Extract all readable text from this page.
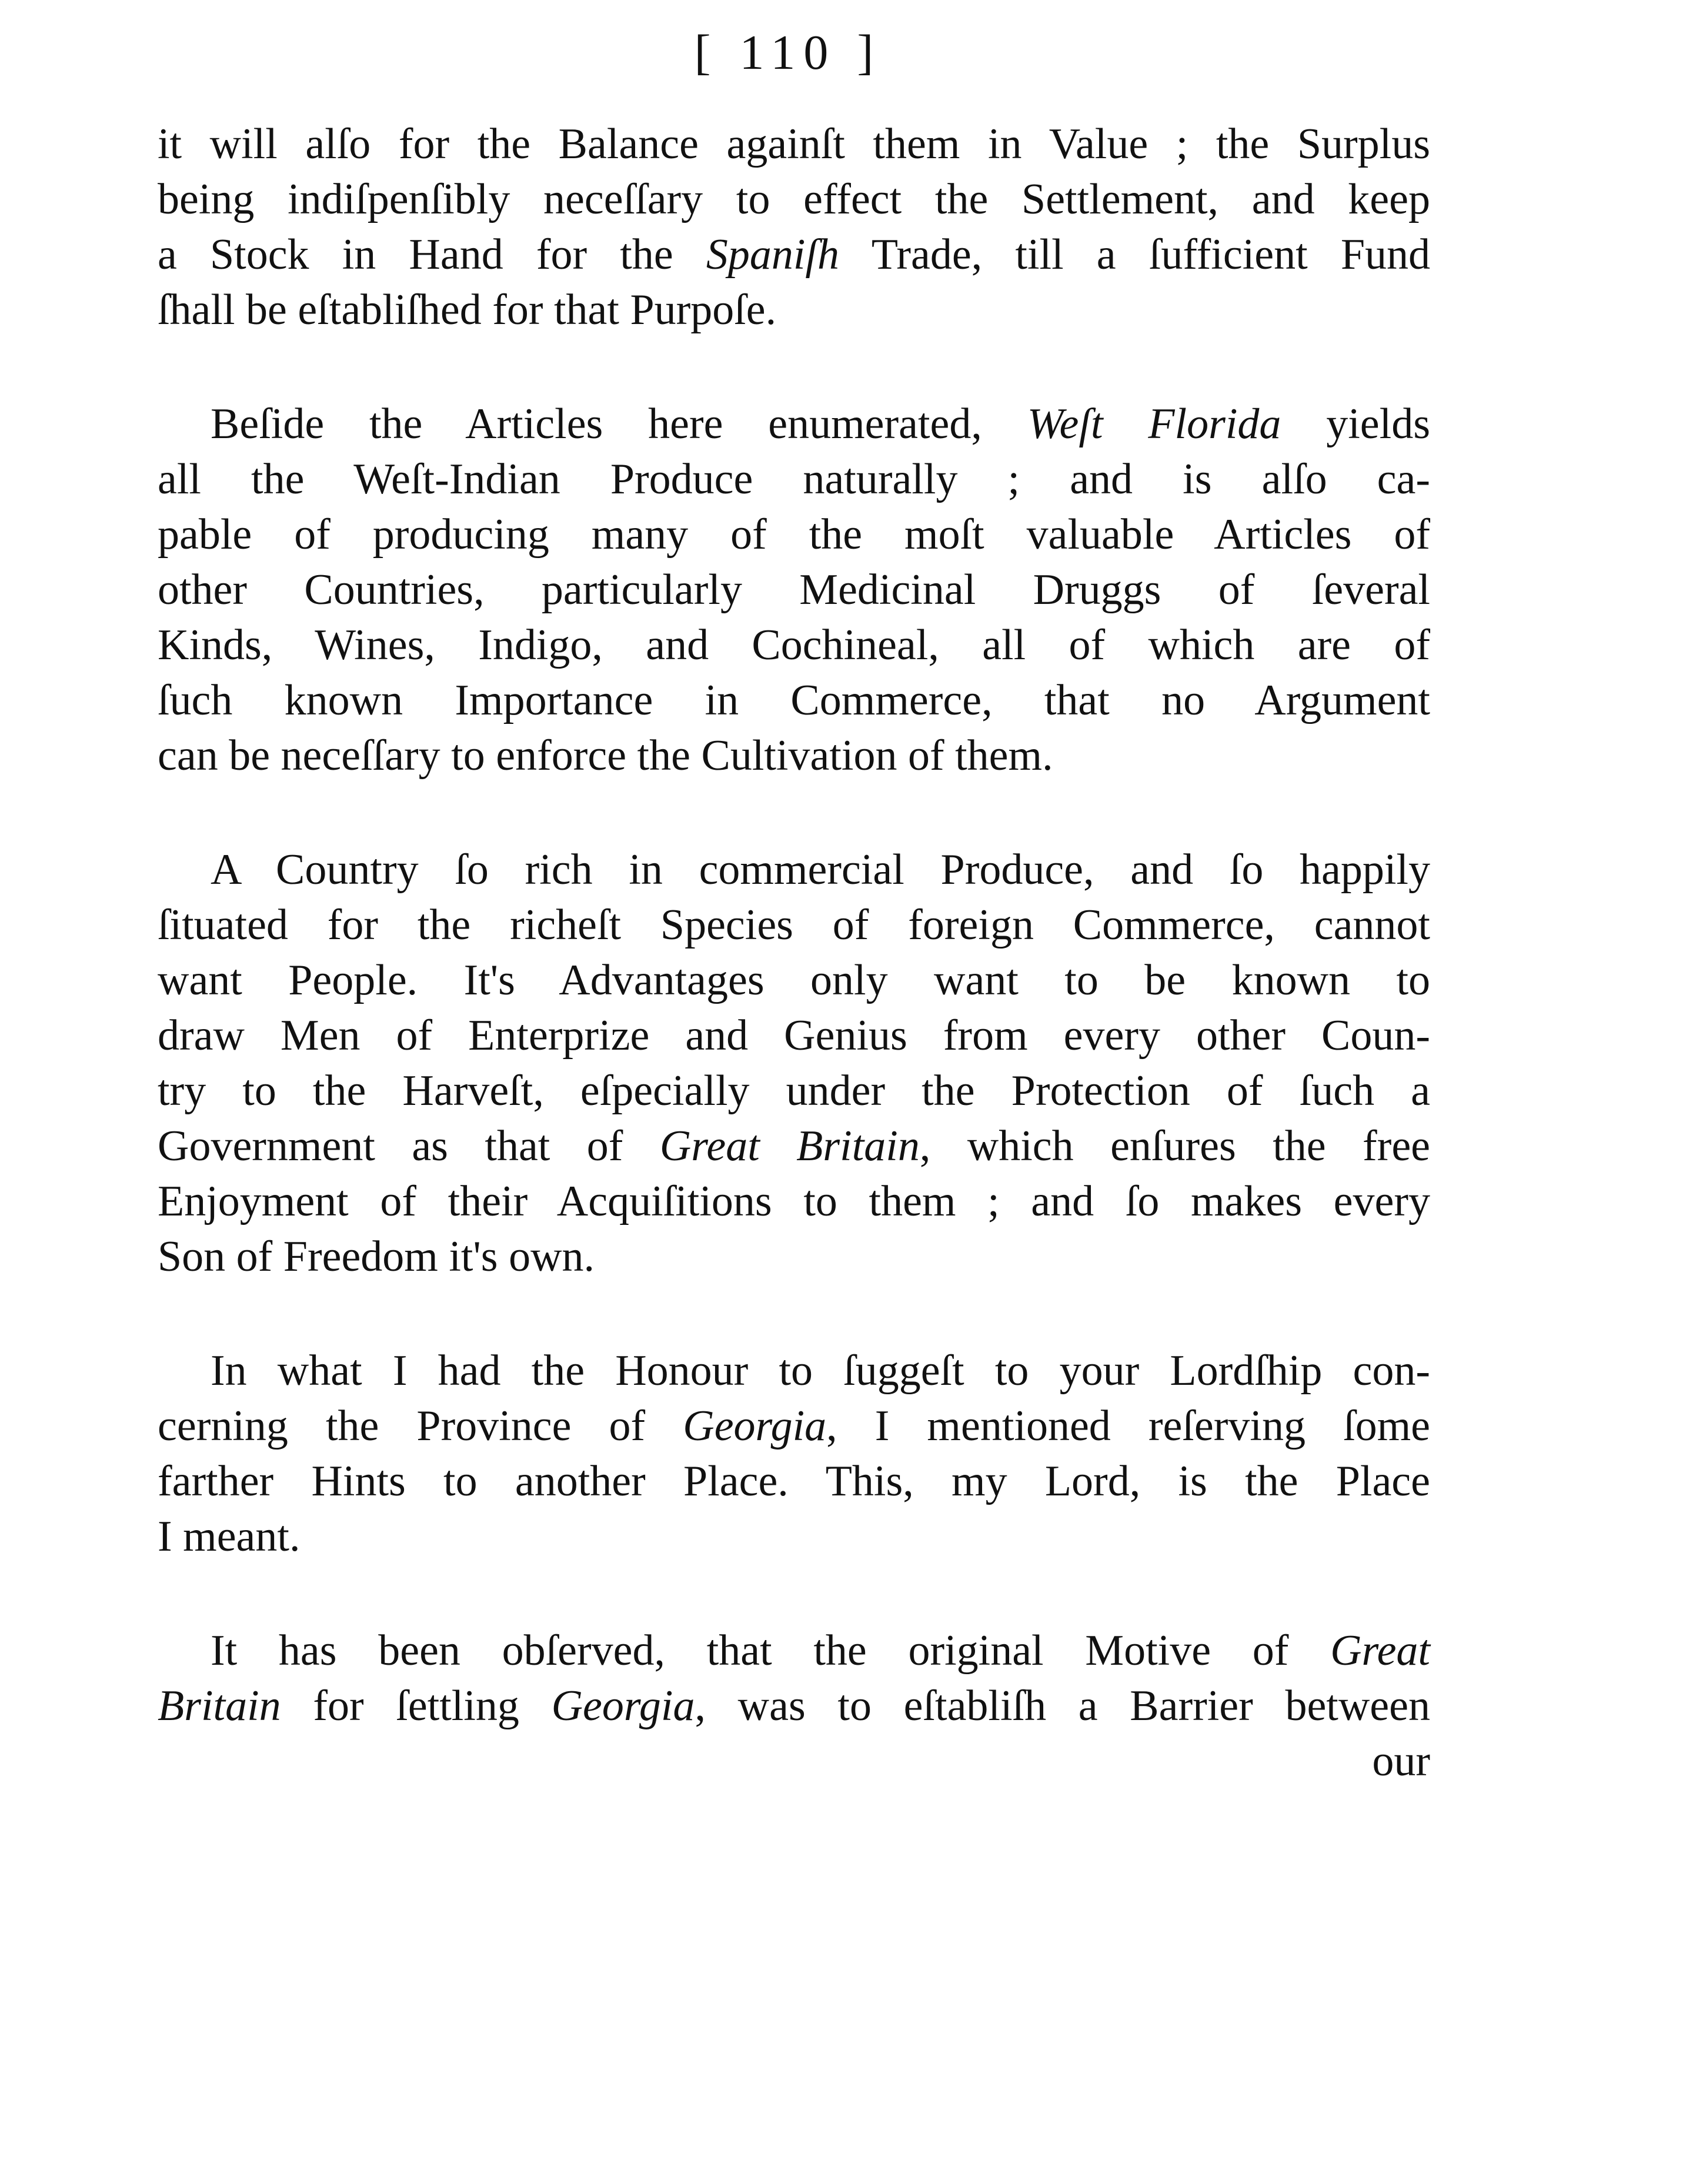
[ 110 ]
it will alſo for the Balance againſt them in Value ; the Surplus
being indiſpenſibly neceſſary to effect the Settlement, and keep
a Stock in Hand for the Spaniſh Trade, till a ſufficient Fund
ſhall be eſtabliſhed for that Purpoſe.
Beſide the Articles here enumerated, Weſt Florida yields
all the Weſt-Indian Produce naturally ; and is alſo ca-
pable of producing many of the moſt valuable Articles of
other Countries, particularly Medicinal Druggs of ſeveral
Kinds, Wines, Indigo, and Cochineal, all of which are of
ſuch known Importance in Commerce, that no Argument
can be neceſſary to enforce the Cultivation of them.
A Country ſo rich in commercial Produce, and ſo happily
ſituated for the richeſt Species of foreign Commerce, cannot
want People. It's Advantages only want to be known to
draw Men of Enterprize and Genius from every other Coun-
try to the Harveſt, eſpecially under the Protection of ſuch a
Government as that of Great Britain, which enſures the free
Enjoyment of their Acquiſitions to them ; and ſo makes every
Son of Freedom it's own.
In what I had the Honour to ſuggeſt to your Lordſhip con-
cerning the Province of Georgia, I mentioned reſerving ſome
farther Hints to another Place. This, my Lord, is the Place
I meant.
It has been obſerved, that the original Motive of Great
Britain for ſettling Georgia, was to eſtabliſh a Barrier between
our
